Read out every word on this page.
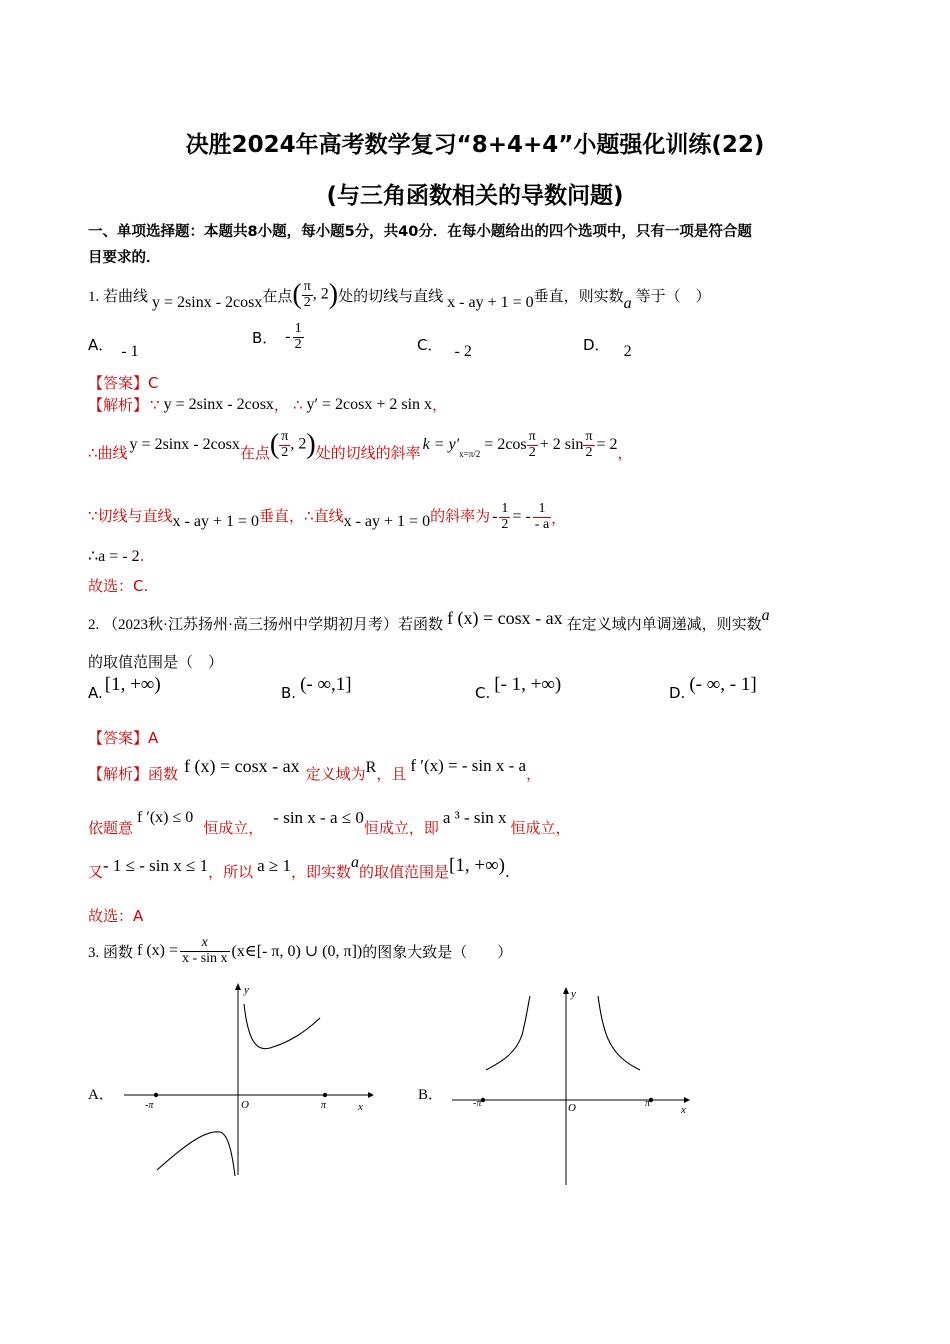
决胜2024年高考数学复习“8+4+4”小题强化训练(22)
(与三角函数相关的导数问题)
一、单项选择题：本题共8小题，每小题5分，共40分．在每小题给出的四个选项中，只有一项是符合题
目要求的．
1. 若曲线 y = 2sinx - 2cosx 在点 ( $\frac{\pi}{2}$ , 2) 处的切线与直线 x - ay + 1 = 0 垂直，则实数 a 等于（　）
A． - 1
B． - $\frac{1}{2}$	C． - 2	D． 2
【答案】C
【解析】 ∵ y = 2sinx - 2cosx ， ∴ y′ = 2cosx + 2 sin x ，
∴曲线 y = 2sinx - 2cosx 在点 ( $\frac{\pi}{2}$ , 2) 处的切线的斜率 k = y′
x=π/2
= $2\cos \frac{\pi}{2} + 2$ $\sin \frac{\pi}{2} = 2$ ，
∵切线与直线 x - ay + 1 = 0 垂直， ∴直线 x - ay + 1 = 0 的斜率为 - $\frac{1}{2}$ = - $\frac{1}{- a}$ ，
∴a = - 2.
故选：C.
2. （2023秋·江苏扬州·高三扬州中学期初月考）若函数 f (x) = cosx - ax 在定义域内单调递减，则实数
a
的取值范围是（　）
A. [1, +∞)	B. (- ∞,1]	C. [- 1, +∞)	D. (- ∞, - 1]
【答案】A
【解析】 函数 f (x) = cosx - ax 定义域为 R ，且 f ′(x) = - sin x - a ，
依题意
f ′(x) ≤ 0
恒成立，
- sin x - a ≤ 0
恒成立，即
a ³ - sin x
恒成立，
又 - 1 ≤ - sin x ≤ 1 ，所以 a ≥ 1 ，即实数 a 的取值范围是 [1, +∞) .
故选：A
3. 函数 f $(x) = \frac{x}{\text{x - sin x}}$ (x∈[- π, 0) ∪ (0, π]) 的图象大致是（　　）
A．	B．
y
x
O
-π	π
y
x
O
-π	π
